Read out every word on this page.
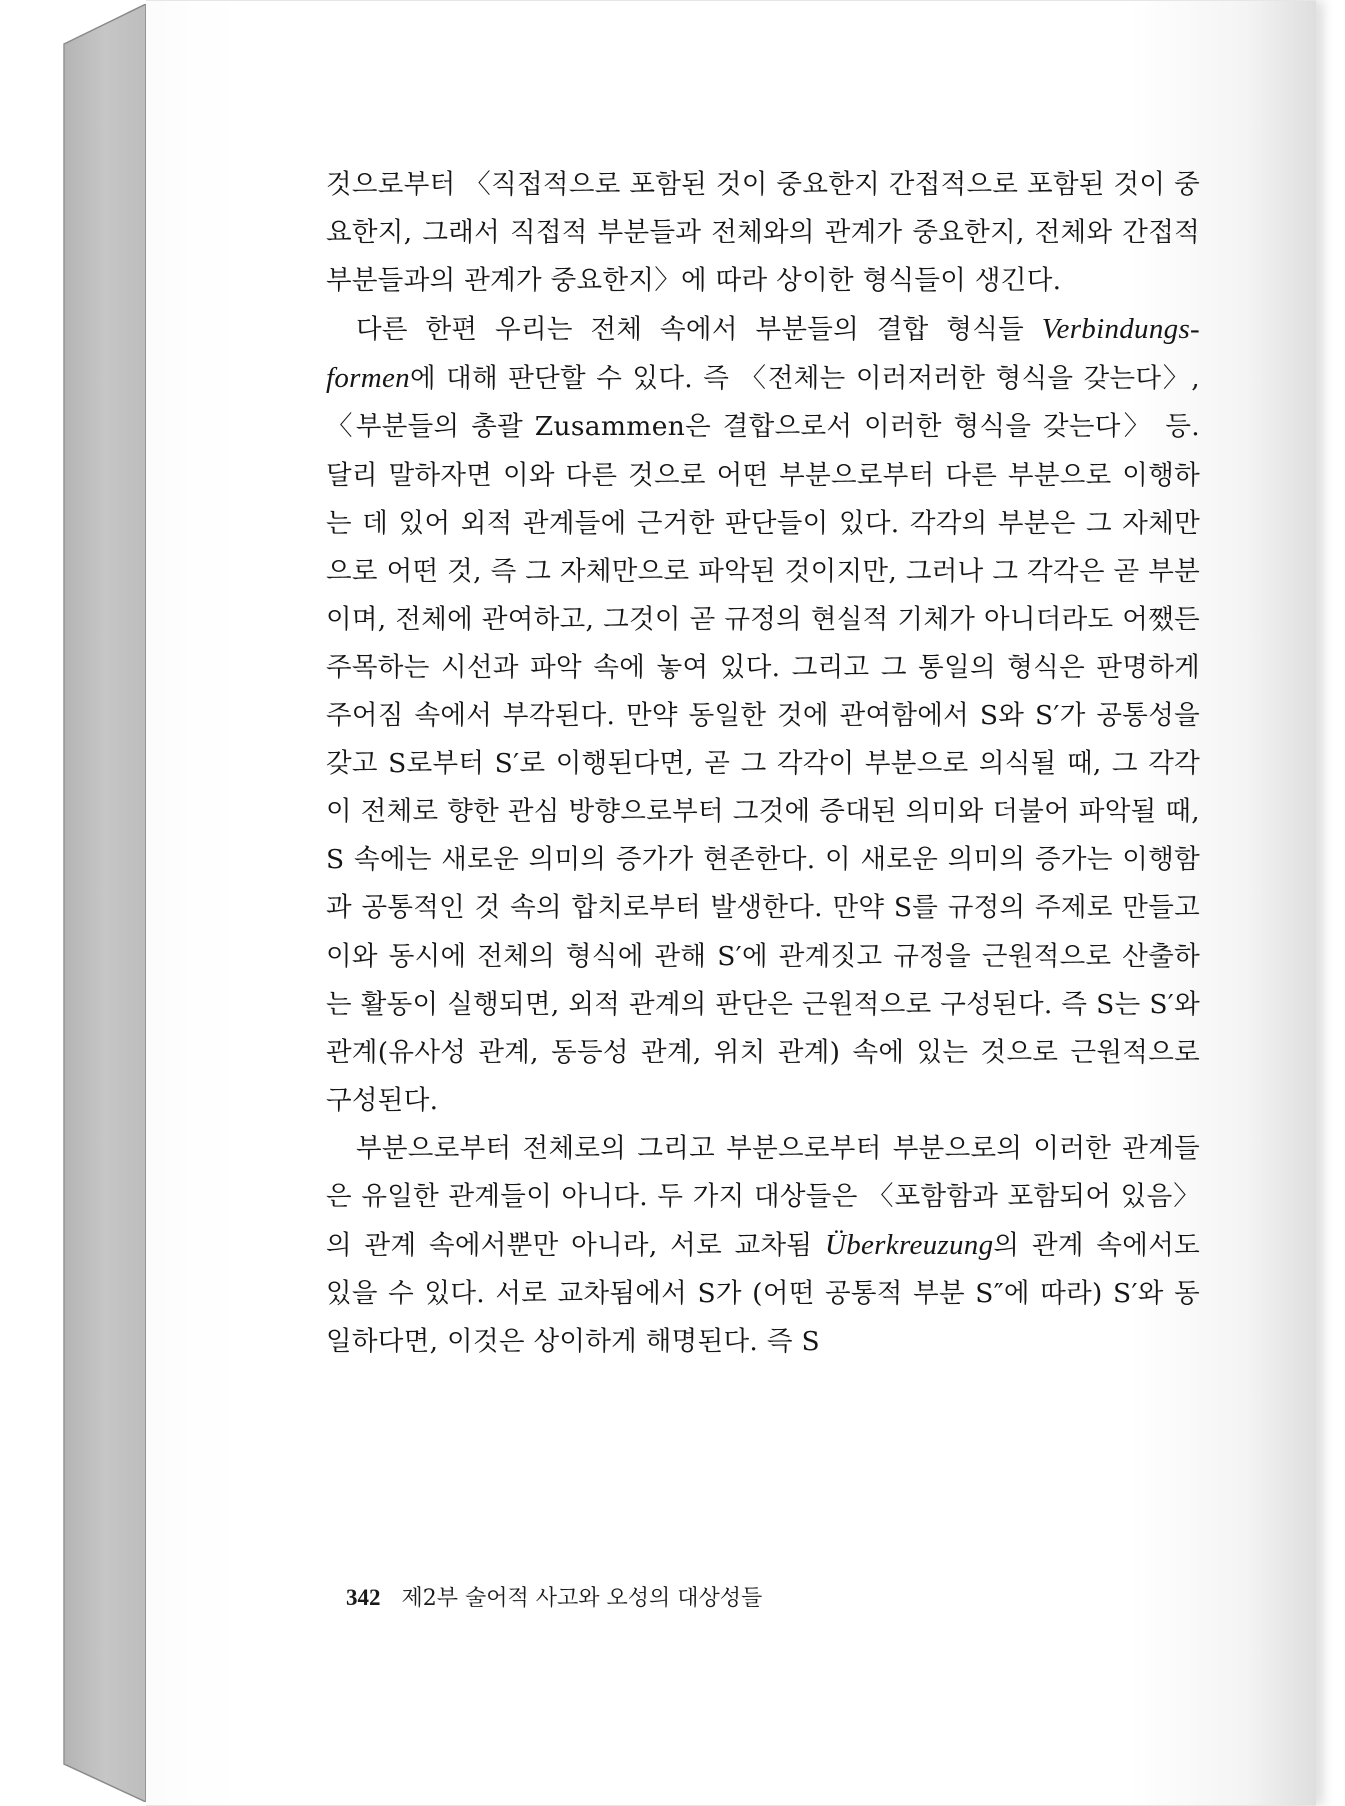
것으로부터 〈직접적으로 포함된 것이 중요한지 간접적으로 포함된 것이 중요한지, 그래서 직접적 부분들과 전체와의 관계가 중요한지, 전체와 간접적 부분들과의 관계가 중요한지〉에 따라 상이한 형식들이 생긴다.

다른 한편 우리는 전체 속에서 부분들의 결합 형식들 Verbindungs-formen에 대해 판단할 수 있다. 즉 〈전체는 이러저러한 형식을 갖는다〉, 〈부분들의 총괄 Zusammen은 결합으로서 이러한 형식을 갖는다〉 등. 달리 말하자면 이와 다른 것으로 어떤 부분으로부터 다른 부분으로 이행하는 데 있어 외적 관계들에 근거한 판단들이 있다. 각각의 부분은 그 자체만으로 어떤 것, 즉 그 자체만으로 파악된 것이지만, 그러나 그 각각은 곧 부분이며, 전체에 관여하고, 그것이 곧 규정의 현실적 기체가 아니더라도 어쨌든 주목하는 시선과 파악 속에 놓여 있다. 그리고 그 통일의 형식은 판명하게 주어짐 속에서 부각된다. 만약 동일한 것에 관여함에서 S와 S′가 공통성을 갖고 S로부터 S′로 이행된다면, 곧 그 각각이 부분으로 의식될 때, 그 각각이 전체로 향한 관심 방향으로부터 그것에 증대된 의미와 더불어 파악될 때, S 속에는 새로운 의미의 증가가 현존한다. 이 새로운 의미의 증가는 이행함과 공통적인 것 속의 합치로부터 발생한다. 만약 S를 규정의 주제로 만들고 이와 동시에 전체의 형식에 관해 S′에 관계짓고 규정을 근원적으로 산출하는 활동이 실행되면, 외적 관계의 판단은 근원적으로 구성된다. 즉 S는 S′와 관계(유사성 관계, 동등성 관계, 위치 관계) 속에 있는 것으로 근원적으로 구성된다.

부분으로부터 전체로의 그리고 부분으로부터 부분으로의 이러한 관계들은 유일한 관계들이 아니다. 두 가지 대상들은 〈포함함과 포함되어 있음〉의 관계 속에서뿐만 아니라, 서로 교차됨 Überkreuzung의 관계 속에서도 있을 수 있다. 서로 교차됨에서 S가 (어떤 공통적 부분 S″에 따라) S′와 동일하다면, 이것은 상이하게 해명된다. 즉 S

342 제2부 술어적 사고와 오성의 대상성들
